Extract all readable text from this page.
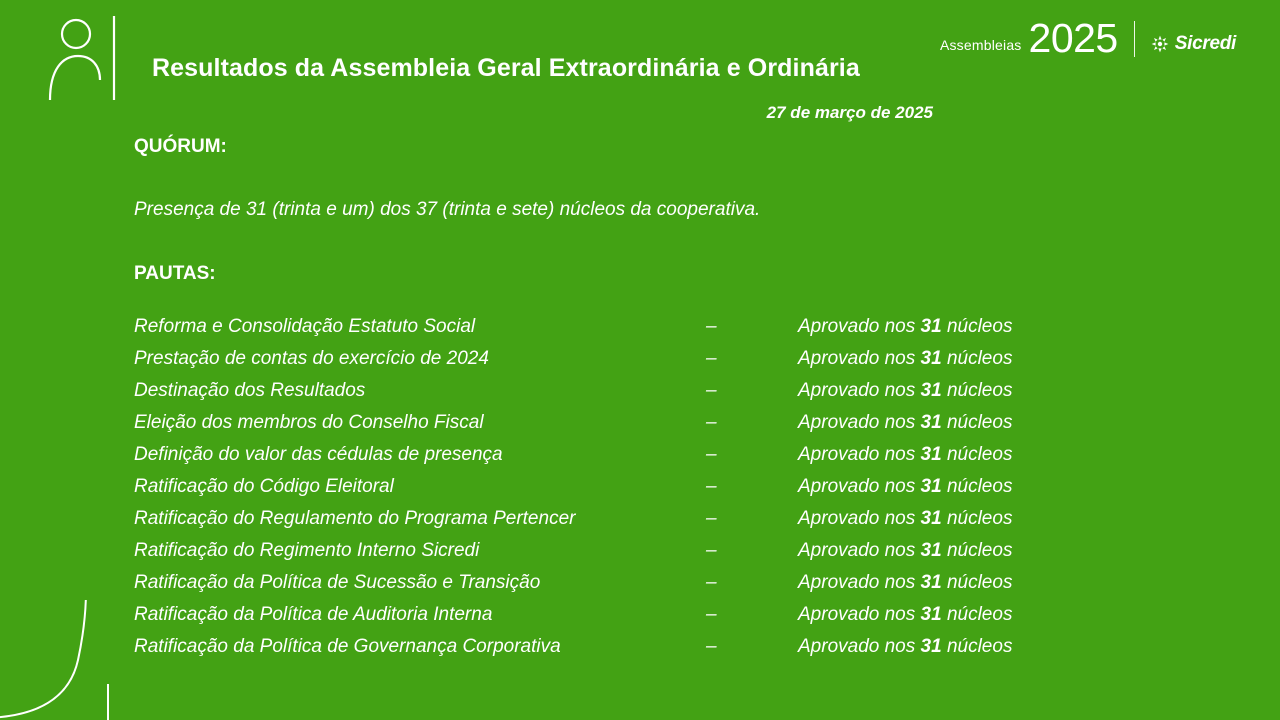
Assembleias 2025	Sicredi
Resultados da Assembleia Geral Extraordinária e Ordinária
27 de março de 2025

QUÓRUM:

Presença de 31 (trinta e um) dos 37 (trinta e sete) núcleos da cooperativa.

PAUTAS:

Reforma e Consolidação Estatuto Social	–	Aprovado nos 31 núcleos
Prestação de contas do exercício de 2024	–	Aprovado nos 31 núcleos
Destinação dos Resultados	–	Aprovado nos 31 núcleos
Eleição dos membros do Conselho Fiscal	–	Aprovado nos 31 núcleos
Definição do valor das cédulas de presença	–	Aprovado nos 31 núcleos
Ratificação do Código Eleitoral	–	Aprovado nos 31 núcleos
Ratificação do Regulamento do Programa Pertencer	–	Aprovado nos 31 núcleos
Ratificação do Regimento Interno Sicredi	–	Aprovado nos 31 núcleos
Ratificação da Política de Sucessão e Transição	–	Aprovado nos 31 núcleos
Ratificação da Política de Auditoria Interna	–	Aprovado nos 31 núcleos
Ratificação da Política de Governança Corporativa	–	Aprovado nos 31 núcleos
